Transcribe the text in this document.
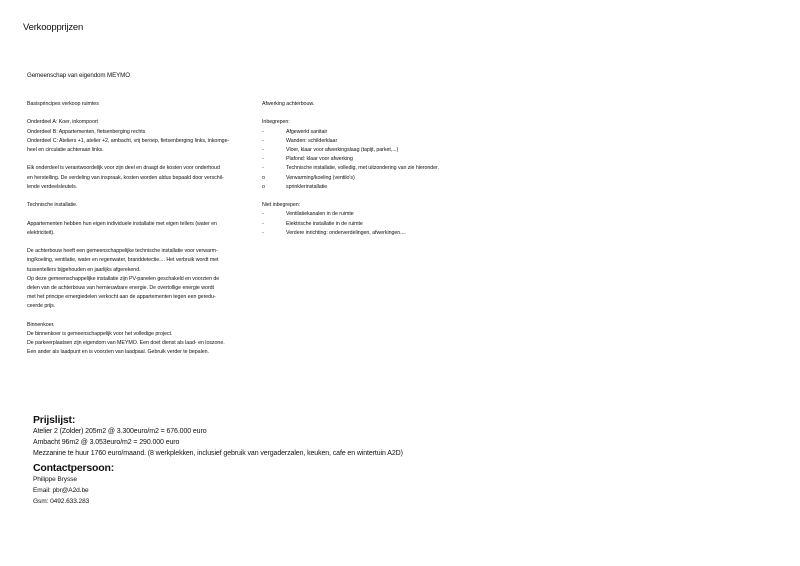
Verkoopprijzen
Gemeenschap van eigendom MEYMO
Basisprincipes verkoop ruimtes
Onderdeel A: Koer, inkompoort
Onderdeel B: Appartementen, fietsenberging rechts
Onderdeel C: Ateliers +1, atelier +2, ambacht, vrij beroep, fietsenberging links, inkomge-
heel en circulatie achteraan links.
Elk onderdeel is verantwoordelijk voor zijn deel en draagt de kosten voor onderhoud
en herstelling. De verdeling van inspraak, kosten worden aldus bepaald door verschil-
lende verdeelsleutels.
Technische installatie.
Appartementen hebben hun eigen individuele installatie met eigen tellers (water en
elektriciteit).
De achterbouw heeft een gemeenschappelijke technische installatie voor verwarm-
ing/koeling, ventilatie, water en regenwater, branddetectie.... Het verbruik wordt met
tussentellers bijgehouden en jaarlijks afgerekend.
Op deze gemeenschappelijke installatie zijn PV-panelen geschakeld en voorzien de
delen van de achterbouw van hernieuwbare energie. De overtollige energie wordt
met het principe ernergiedelen verkocht aan de appartementen tegen een geredu-
ceerde prijs.
Binnenkoer.
De binnenkoer is gemeenschappelijk voor het volledige project.
De parkeerplaatsen zijn eigendom van MEYMO. Een doet dienst als laad- en loszone.
Een ander als laadpunt en is voorzien van laadpaal. Gebruik verder te bepalen.
Afwerking achterbouw.
Inbegrepen:
-	Afgewerkt sanitair
-	Wanden: schilderklaar
-	Vloer, klaar voor afwerkingslaag (tapijt, parket,...)
-	Plafond: klaar voor afwerking
-	Technische installatie, volledig, met uitzondering van zie hieronder.
o	Verwarming/koeling (ventilo's)
o	sprinklerinstallatie
Niet inbegrepen:
-	Ventilatiekanalen in de ruimte
-	Elektrische installatie in de ruimte
-	Verdere inrichting: onderverdelingen, afwerkingen....
Prijslijst:
Atelier 2 (Zolder) 205m2 @ 3.300euro/m2 = 676.000 euro
Ambacht 96m2 @ 3.053euro/m2 = 290.000 euro
Mezzanine te huur 1760 euro/maand. (8 werkplekken, inclusief gebruik van vergaderzalen, keuken, cafe en wintertuin A2D)
Contactpersoon:
Philippe Brysse
Email: pbr@A2d.be
Gsm: 0492.633.283
